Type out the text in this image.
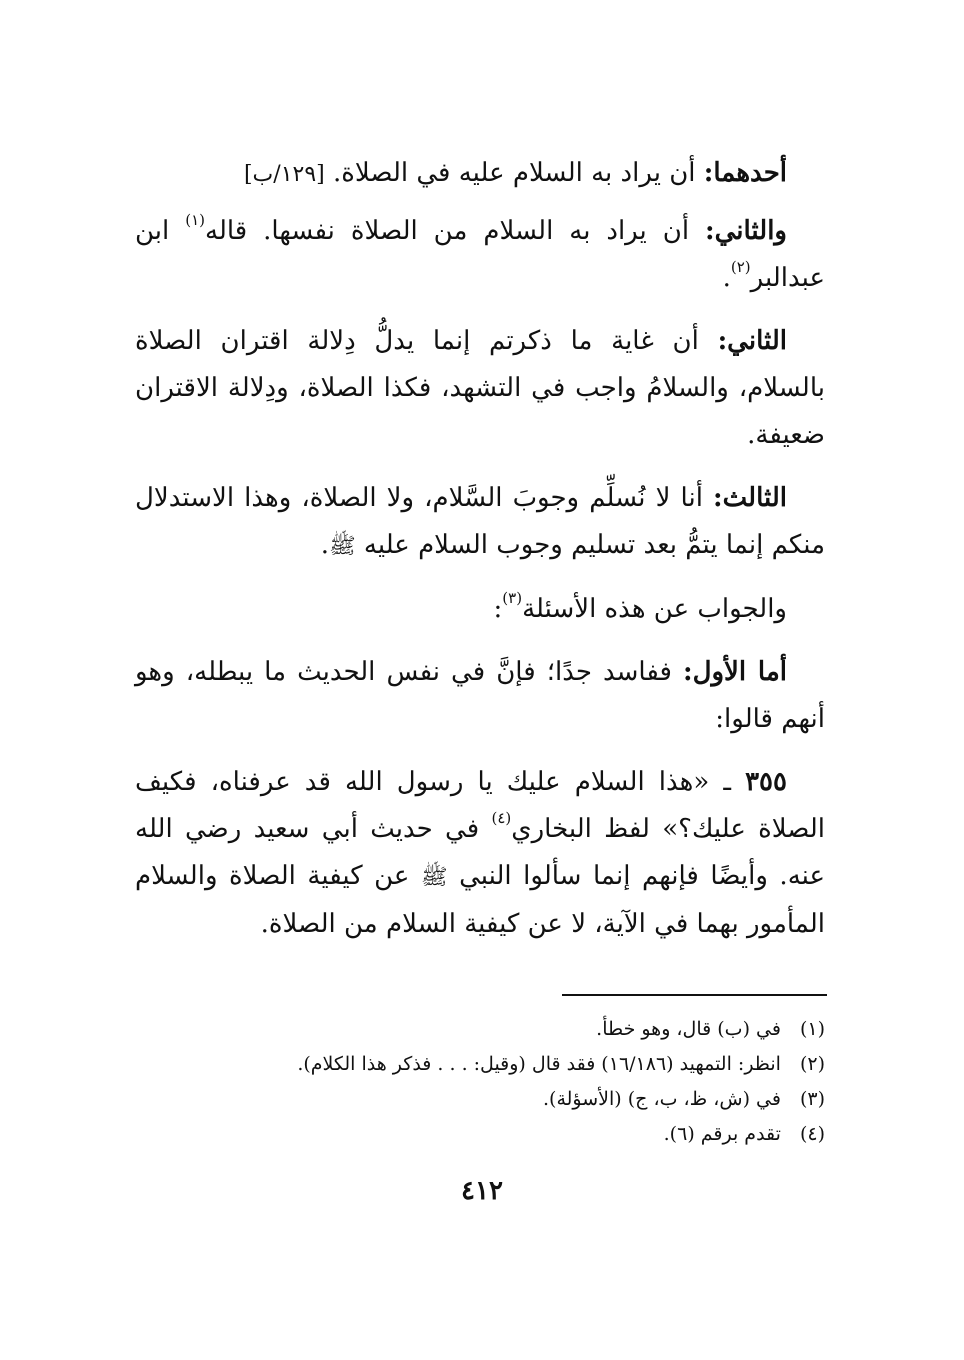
أحدهما: أن يراد به السلام عليه في الصلاة. [١٢٩/ب]

والثاني: أن يراد به السلام من الصلاة نفسها. قاله$^{(١)}$ ابن عبدالبر$^{(٢)}$.

الثاني: أن غاية ما ذكرتم إنما يدلُّ دِلالة اقتران الصلاة بالسلام، والسلامُ واجب في التشهد، فكذا الصلاة، ودِلالة الاقتران ضعيفة.

الثالث: أنا لا نُسلِّم وجوبَ السَّلام، ولا الصلاة، وهذا الاستدلال منكم إنما يتمُّ بعد تسليم وجوب السلام عليه ﷺ.

والجواب عن هذه الأسئلة$^{(٣)}$:

أما الأول: ففاسد جدًا؛ فإنَّ في نفس الحديث ما يبطله، وهو أنهم قالوا:

٣٥٥ ـ «هذا السلام عليك يا رسول الله قد عرفناه، فكيف الصلاة عليك؟» لفظ البخاري$^{(٤)}$ في حديث أبي سعيد رضي الله عنه. وأيضًا فإنهم إنما سألوا النبي ﷺ عن كيفية الصلاة والسلام المأمور بهما في الآية، لا عن كيفية السلام من الصلاة.

(١) في (ب) قال، وهو خطأ.

(٢) انظر: التمهيد (١٦/١٨٦) فقد قال (وقيل: . . . فذكر هذا الكلام).

(٣) في (ش، ظ، ب، ج) (الأسؤلة).

(٤) تقدم برقم (٦).

٤١٢
